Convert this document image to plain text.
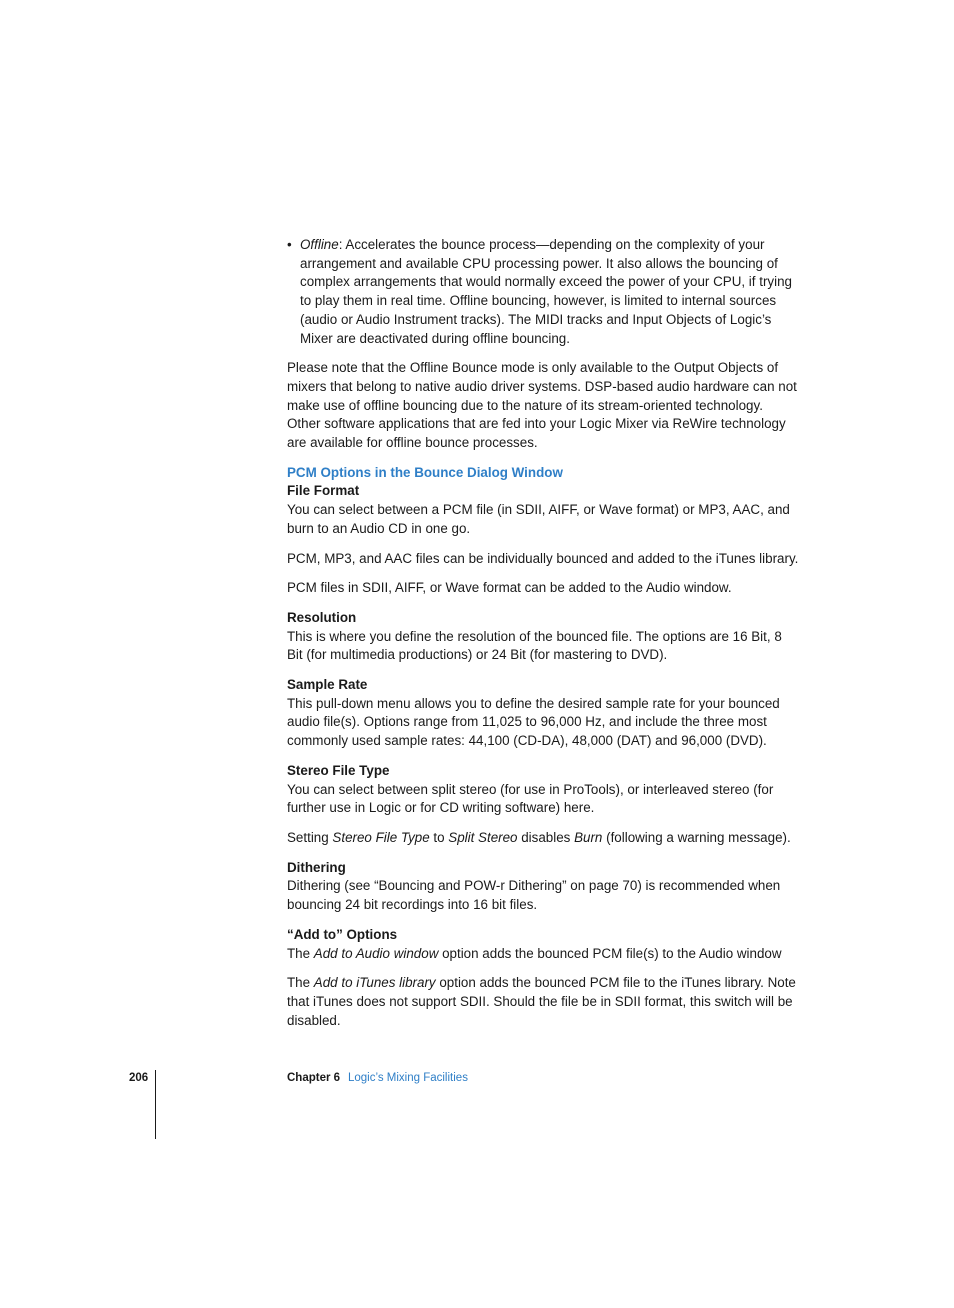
• Offline: Accelerates the bounce process—depending on the complexity of your arrangement and available CPU processing power. It also allows the bouncing of complex arrangements that would normally exceed the power of your CPU, if trying to play them in real time. Offline bouncing, however, is limited to internal sources (audio or Audio Instrument tracks). The MIDI tracks and Input Objects of Logic’s Mixer are deactivated during offline bouncing.

Please note that the Offline Bounce mode is only available to the Output Objects of mixers that belong to native audio driver systems. DSP-based audio hardware can not make use of offline bouncing due to the nature of its stream-oriented technology. Other software applications that are fed into your Logic Mixer via ReWire technology are available for offline bounce processes.

PCM Options in the Bounce Dialog Window

File Format

You can select between a PCM file (in SDII, AIFF, or Wave format) or MP3, AAC, and burn to an Audio CD in one go.

PCM, MP3, and AAC files can be individually bounced and added to the iTunes library.

PCM files in SDII, AIFF, or Wave format can be added to the Audio window.

Resolution

This is where you define the resolution of the bounced file. The options are 16 Bit, 8 Bit (for multimedia productions) or 24 Bit (for mastering to DVD).

Sample Rate

This pull-down menu allows you to define the desired sample rate for your bounced audio file(s). Options range from 11,025 to 96,000 Hz, and include the three most commonly used sample rates: 44,100 (CD-DA), 48,000 (DAT) and 96,000 (DVD).

Stereo File Type

You can select between split stereo (for use in ProTools), or interleaved stereo (for further use in Logic or for CD writing software) here.

Setting Stereo File Type to Split Stereo disables Burn (following a warning message).

Dithering

Dithering (see “Bouncing and POW-r Dithering” on page 70) is recommended when bouncing 24 bit recordings into 16 bit files.

“Add to” Options

The Add to Audio window option adds the bounced PCM file(s) to the Audio window

The Add to iTunes library option adds the bounced PCM file to the iTunes library. Note that iTunes does not support SDII. Should the file be in SDII format, this switch will be disabled.

206	Chapter 6 Logic’s Mixing Facilities
